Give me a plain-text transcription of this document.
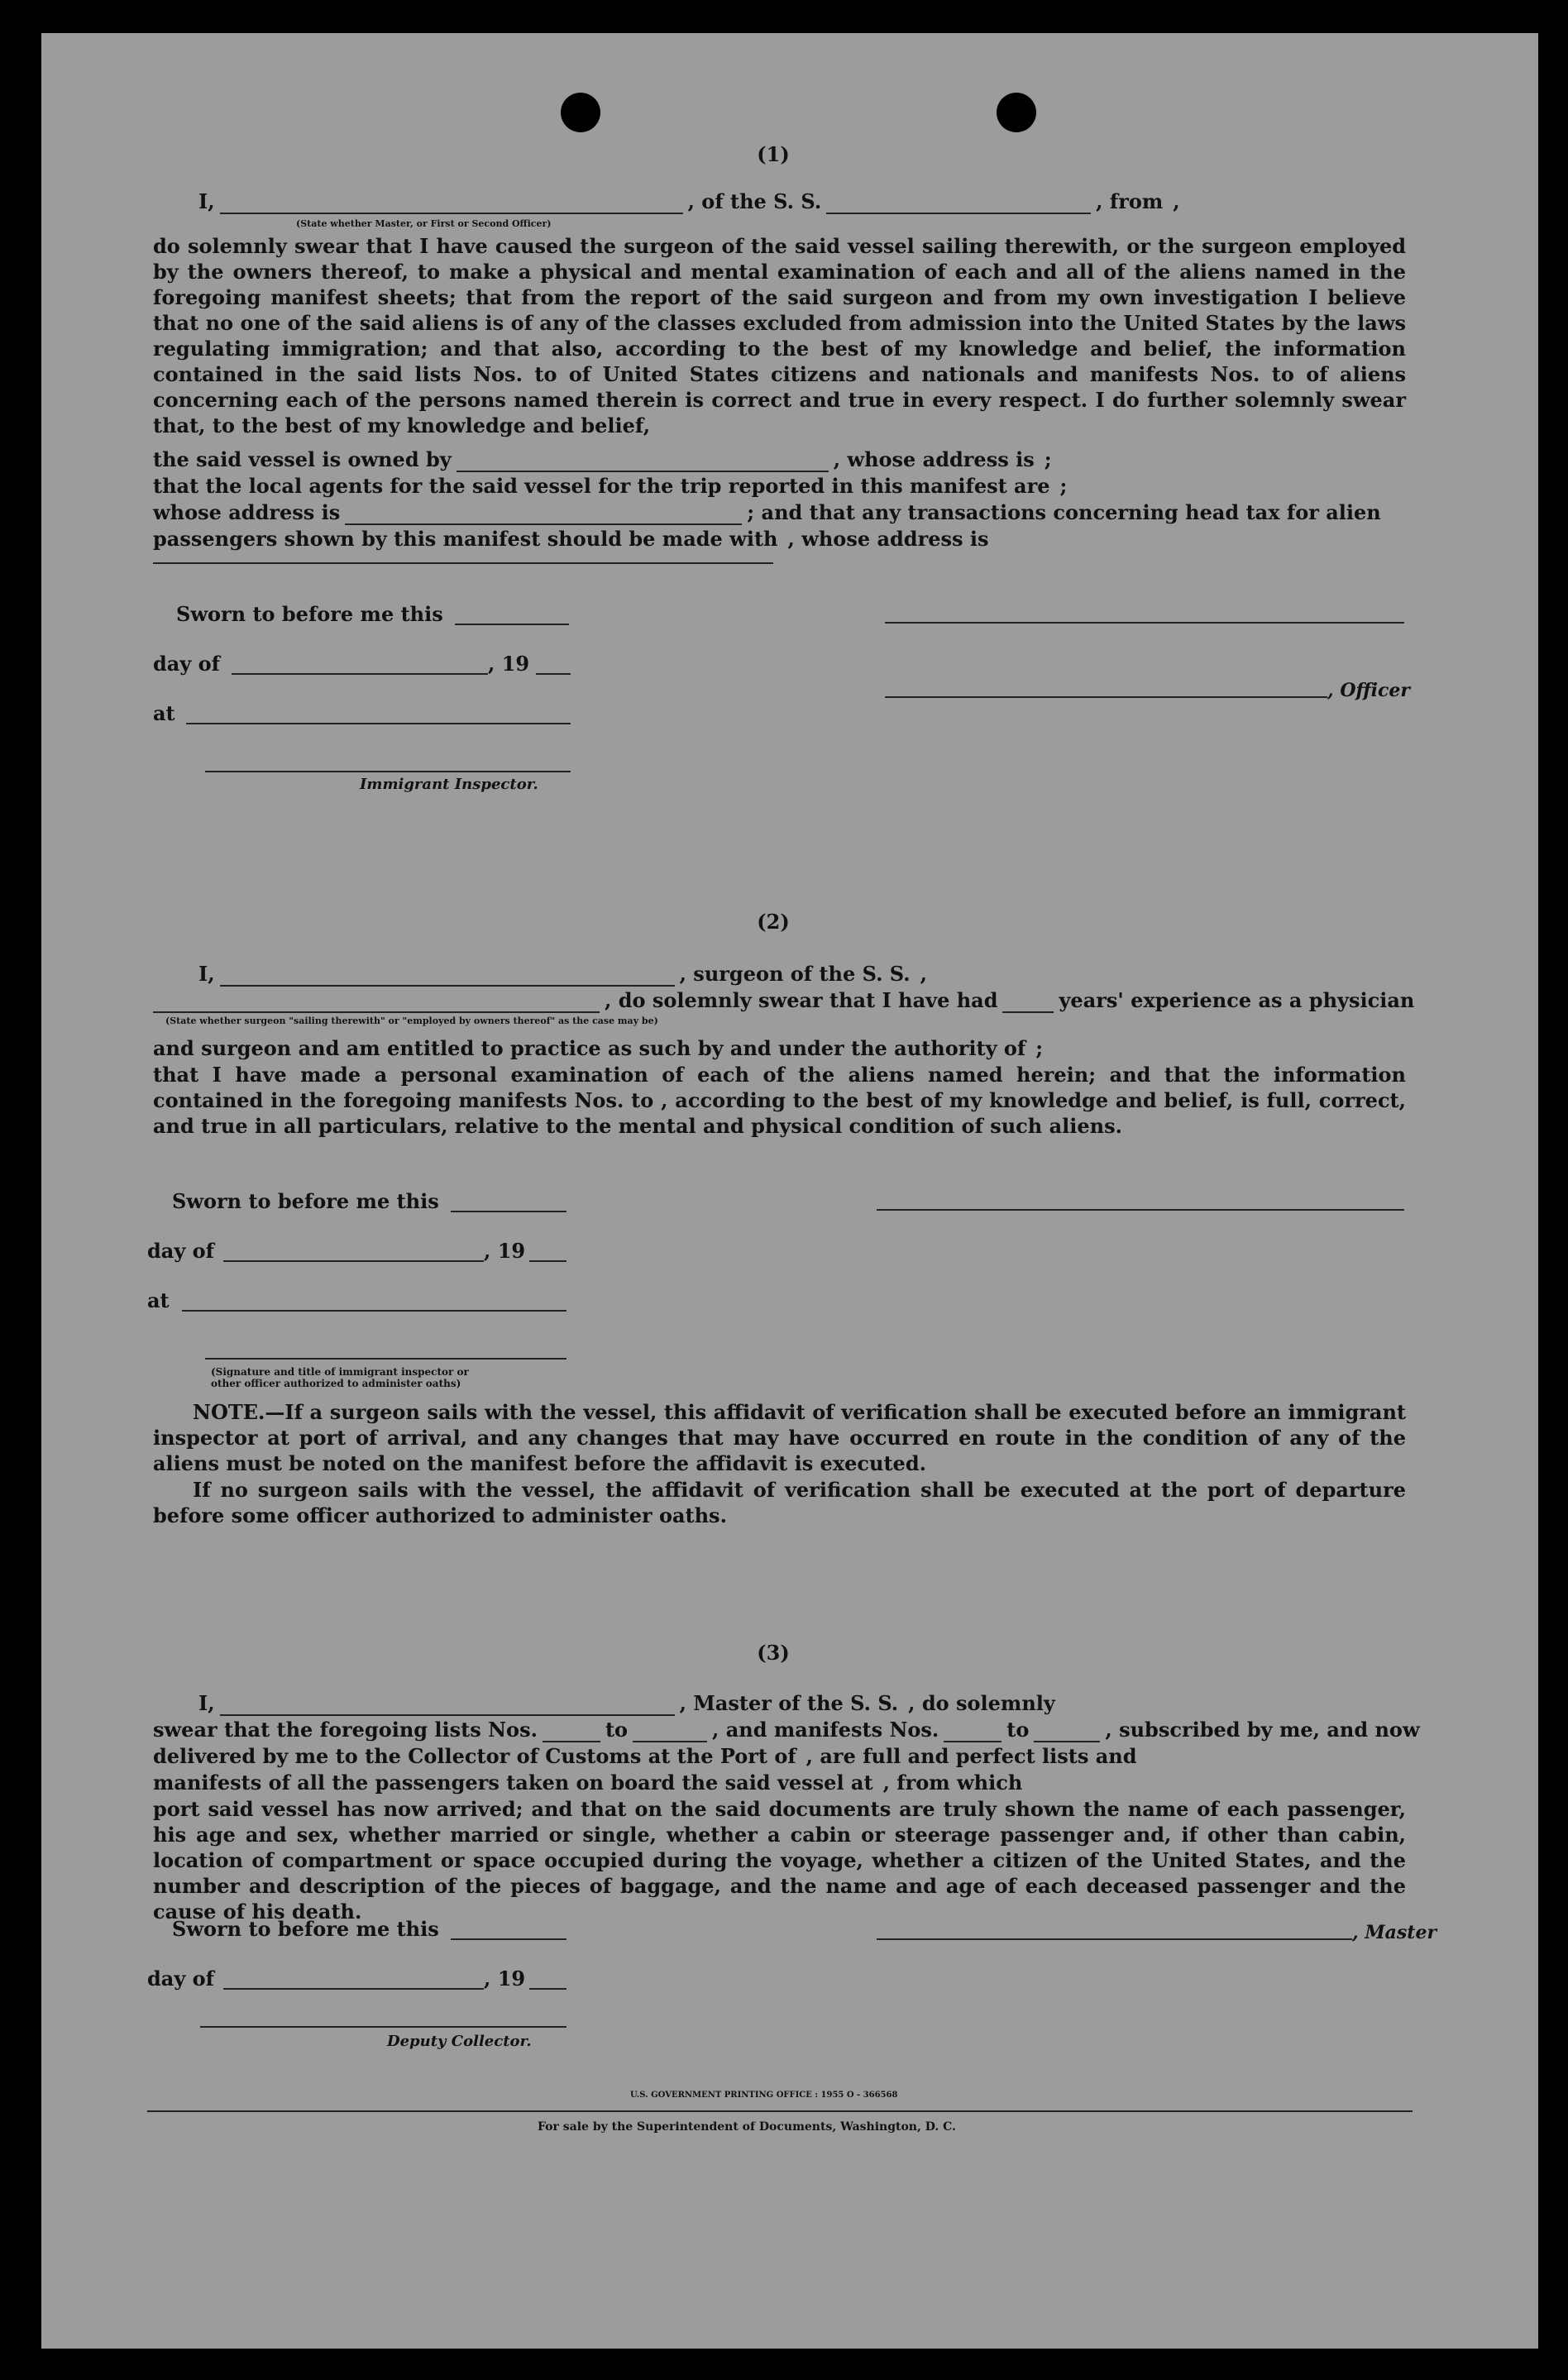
(1)
I,	, of the S. S.	, from ,
(State whether Master, or First or Second Officer)
do solemnly swear that I have caused the surgeon of the said vessel sailing therewith, or the surgeon employed by the owners thereof, to make a physical and mental examination of each and all of the aliens named in the foregoing manifest sheets; that from the report of the said surgeon and from my own investigation I believe that no one of the said aliens is of any of the classes excluded from admission into the United States by the laws regulating immigration; and that also, according to the best of my knowledge and belief, the information contained in the said lists Nos. to of United States citizens and nationals and manifests Nos. to of aliens concerning each of the persons named therein is correct and true in every respect. I do further solemnly swear that, to the best of my knowledge and belief,
the said vessel is owned by	, whose address is ;
that the local agents for the said vessel for the trip reported in this manifest are ;
whose address is	; and that any transactions concerning head tax for alien
passengers shown by this manifest should be made with , whose address is
Sworn to before me this
day of	, 19
at
Immigrant Inspector.
, Officer
(2)
I,	, surgeon of the S. S. ,
, do solemnly swear that I have had	years' experience as a physician
(State whether surgeon "sailing therewith" or "employed by owners thereof" as the case may be)
and surgeon and am entitled to practice as such by and under the authority of ;
that I have made a personal examination of each of the aliens named herein; and that the information contained in the foregoing manifests Nos. to , according to the best of my knowledge and belief, is full, correct, and true in all particulars, relative to the mental and physical condition of such aliens.
Sworn to before me this
day of	, 19
at
(Signature and title of immigrant inspector or
other officer authorized to administer oaths)
NOTE.—If a surgeon sails with the vessel, this affidavit of verification shall be executed before an immigrant inspector at port of arrival, and any changes that may have occurred en route in the condition of any of the aliens must be noted on the manifest before the affidavit is executed.
If no surgeon sails with the vessel, the affidavit of verification shall be executed at the port of departure before some officer authorized to administer oaths.
(3)
I,	, Master of the S. S. , do solemnly
swear that the foregoing lists Nos.	to	, and manifests Nos.	to	, subscribed by me, and now
delivered by me to the Collector of Customs at the Port of , are full and perfect lists and
manifests of all the passengers taken on board the said vessel at , from which
port said vessel has now arrived; and that on the said documents are truly shown the name of each passenger, his age and sex, whether married or single, whether a cabin or steerage passenger and, if other than cabin, location of compartment or space occupied during the voyage, whether a citizen of the United States, and the number and description of the pieces of baggage, and the name and age of each deceased passenger and the cause of his death.
Sworn to before me this	, Master
day of	, 19
Deputy Collector.
U.S. GOVERNMENT PRINTING OFFICE : 1955 O - 366568
For sale by the Superintendent of Documents, Washington, D. C.
